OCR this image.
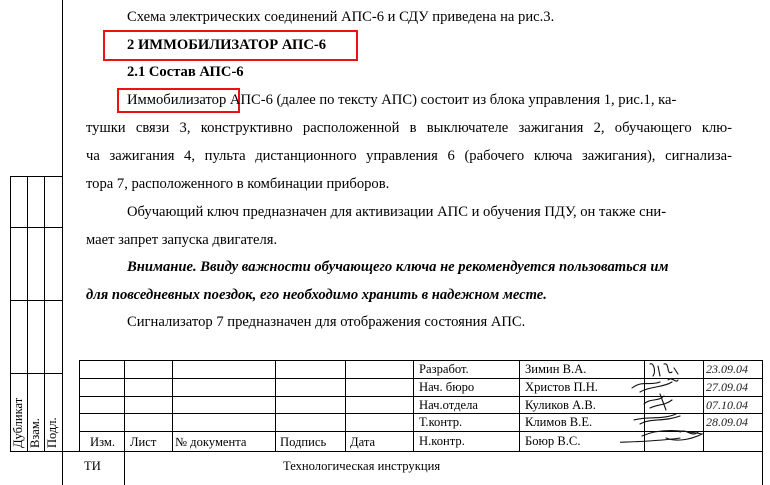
Схема электрических соединений АПС-6 и СДУ приведена на рис.3.
2 ИММОБИЛИЗАТОР АПС-6
2.1 Состав АПС-6
Иммобилизатор АПС-6 (далее по тексту АПС) состоит из блока управления 1, рис.1, ка-
тушки связи 3, конструктивно расположенной в выключателе зажигания 2, обучающего клю-
ча зажигания 4, пульта дистанционного управления 6 (рабочего ключа зажигания), сигнализа-
тора 7, расположенного в комбинации приборов.
Обучающий ключ предназначен для активизации АПС и обучения ПДУ, он также сни-
мает запрет запуска двигателя.
Внимание. Ввиду важности обучающего ключа не рекомендуется пользоваться им
для повседневных поездок, его необходимо хранить в надежном месте.
Сигнализатор 7 предназначен для отображения состояния АПС.
Дубликат Взам. Подл. Изм. Лист № документа	Подпись Дата
Разработ.
Нач. бюро
Нач.отдела
Т.контр.
Н.контр.
Зимин В.А.
Христов П.Н.
Куликов А.В.
Климов В.Е.
Боюр В.С.
23.09.04
27.09.04
07.10.04
28.09.04
ТИ	Технологическая инструкция
